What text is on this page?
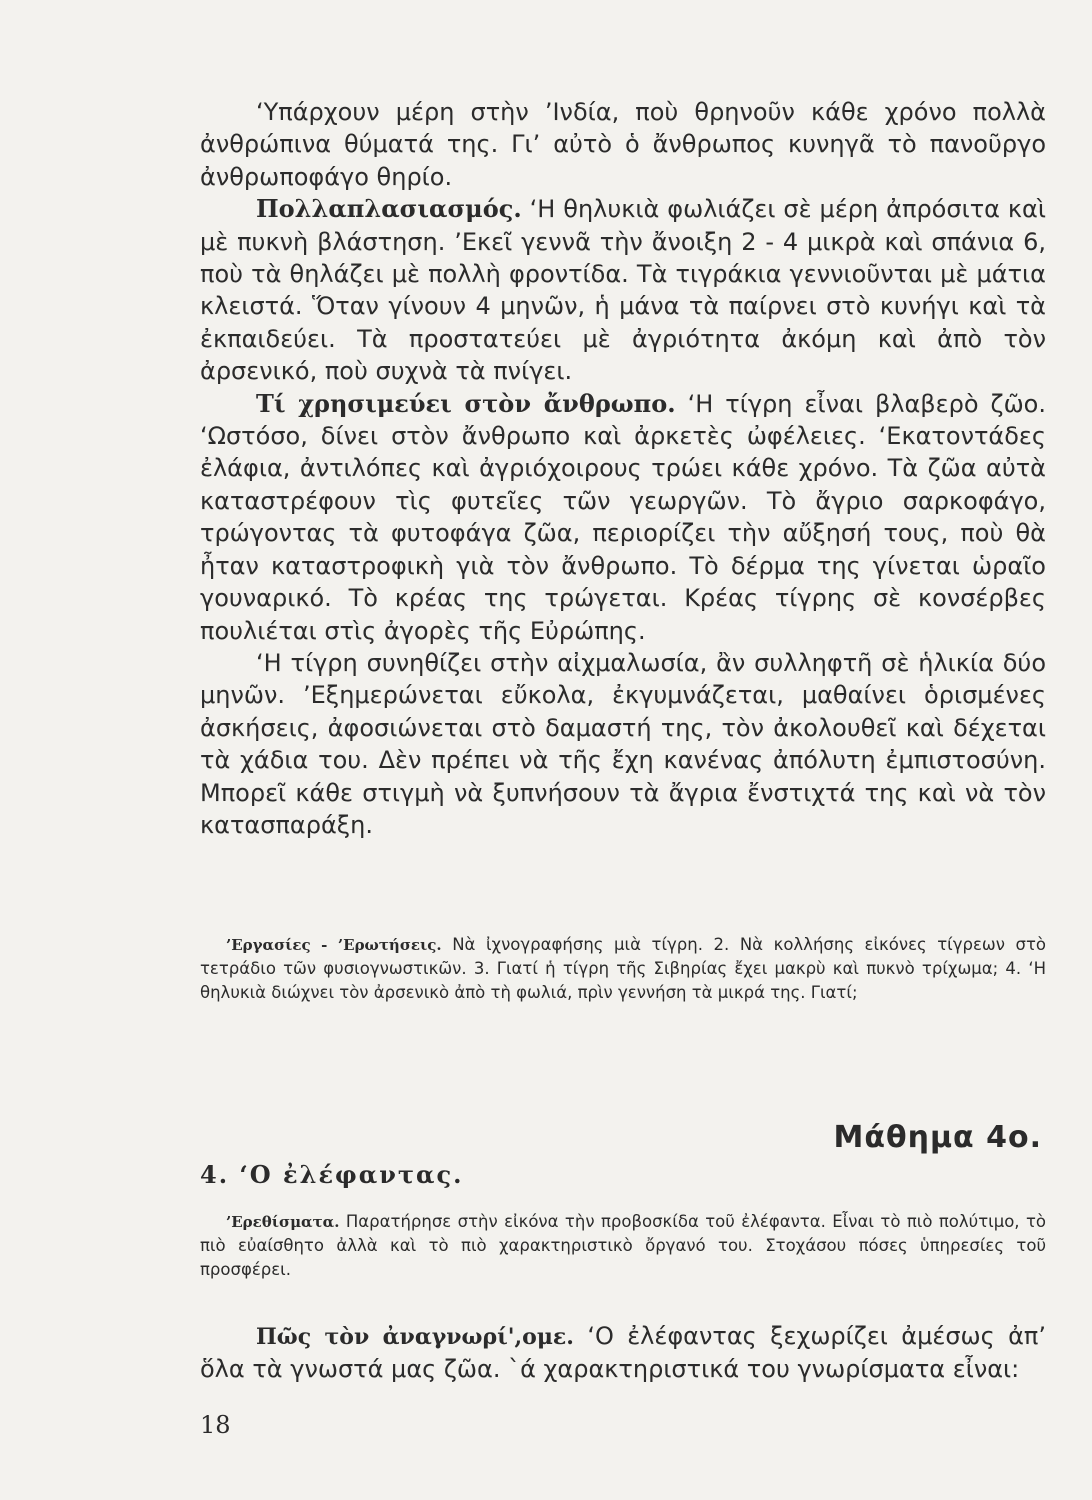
‘Υπάρχουν μέρη στὴν ’Ινδία, ποὺ θρηνοῦν κάθε χρόνο πολλὰ ἀνθρώπινα θύματά της. Γι’ αὐτὸ ὁ ἄνθρωπος κυνηγᾶ τὸ πανοῦργο ἀνθρωποφάγο θηρίο.

Πολλαπλασιασμός. ‘Η θηλυκιὰ φωλιάζει σὲ μέρη ἀπρόσιτα καὶ μὲ πυκνὴ βλάστηση. ’Εκεῖ γεννᾶ τὴν ἄνοιξη 2 - 4 μικρὰ καὶ σπάνια 6, ποὺ τὰ θηλάζει μὲ πολλὴ φροντίδα. Τὰ τιγράκια γεννιοῦνται μὲ μάτια κλειστά. Ὅταν γίνουν 4 μηνῶν, ἡ μάνα τὰ παίρνει στὸ κυνήγι καὶ τὰ ἐκπαιδεύει. Τὰ προστατεύει μὲ ἀγριότητα ἀκόμη καὶ ἀπὸ τὸν ἀρσενικό, ποὺ συχνὰ τὰ πνίγει.

Τί χρησιμεύει στὸν ἄνθρωπο. ‘Η τίγρη εἶναι βλαβερὸ ζῶο. ‘Ωστόσο, δίνει στὸν ἄνθρωπο καὶ ἀρκετὲς ὠφέλειες. ‘Εκατοντάδες ἐλάφια, ἀντιλόπες καὶ ἀγριόχοιρους τρώει κάθε χρόνο. Τὰ ζῶα αὐτὰ καταστρέφουν τὶς φυτεῖες τῶν γεωργῶν. Τὸ ἄγριο σαρκοφάγο, τρώγοντας τὰ φυτοφάγα ζῶα, περιορίζει τὴν αὔξησή τους, ποὺ θὰ ἦταν καταστροφικὴ γιὰ τὸν ἄνθρωπο. Τὸ δέρμα της γίνεται ὡραῖο γουναρικό. Τὸ κρέας της τρώγεται. Κρέας τίγρης σὲ κονσέρβες πουλιέται στὶς ἀγορὲς τῆς Εὐρώπης.

‘Η τίγρη συνηθίζει στὴν αἰχμαλωσία, ἂν συλληφτῆ σὲ ἡλικία δύο μηνῶν. ’Εξημερώνεται εὔκολα, ἐκγυμνάζεται, μαθαίνει ὁρισμένες ἀσκήσεις, ἀφοσιώνεται στὸ δαμαστή της, τὸν ἀκολουθεῖ καὶ δέχεται τὰ χάδια του. Δὲν πρέπει νὰ τῆς ἔχη κανένας ἀπόλυτη ἐμπιστοσύνη. Μπορεῖ κάθε στιγμὴ νὰ ξυπνήσουν τὰ ἄγρια ἔνστιχτά της καὶ νὰ τὸν κατασπαράξη.

’Εργασίες - ’Ερωτήσεις. Νὰ ἰχνογραφήσης μιὰ τίγρη. 2. Νὰ κολλήσης εἰκόνες τίγρεων στὸ τετράδιο τῶν φυσιογνωστικῶν. 3. Γιατί ἡ τίγρη τῆς Σιβηρίας ἔχει μακρὺ καὶ πυκνὸ τρίχωμα; 4. ‘Η θηλυκιὰ διώχνει τὸν ἀρσενικὸ ἀπὸ τὴ φωλιά, πρὶν γεννήση τὰ μικρά της. Γιατί;

Μάθημα 4ο.
4. ‘Ο ἐλέφαντας.

’Ερεθίσματα. Παρατήρησε στὴν εἰκόνα τὴν προβοσκίδα τοῦ ἐλέφαντα. Εἶναι τὸ πιὸ πολύτιμο, τὸ πιὸ εὐαίσθητο ἀλλὰ καὶ τὸ πιὸ χαρακτηριστικὸ ὄργανό του. Στοχάσου πόσες ὑπηρεσίες τοῦ προσφέρει.

Πῶς τὸν ἀναγνωρί',ομε. ‘Ο ἐλέφαντας ξεχωρίζει ἀμέσως ἀπ’ ὅλα τὰ γνωστά μας ζῶα. `ά χαρακτηριστικά του γνωρίσματα εἶναι:

18
